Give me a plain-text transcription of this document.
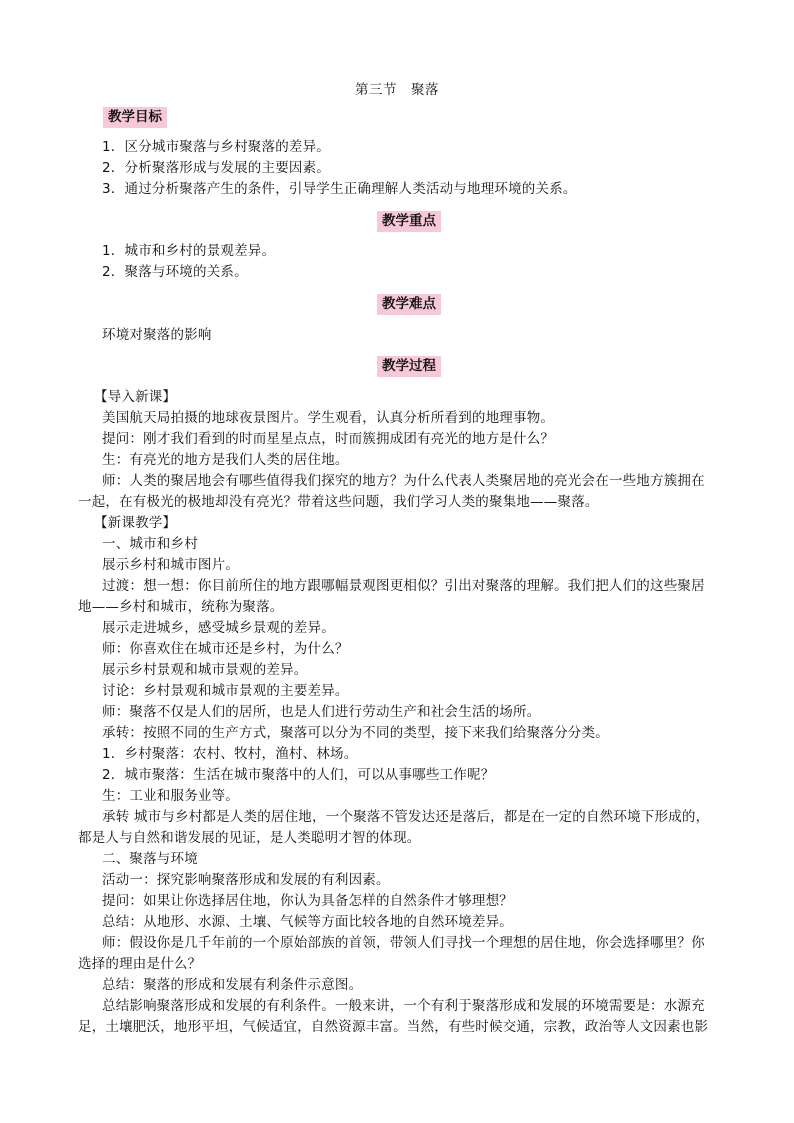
第三节　聚落
教学目标
1．区分城市聚落与乡村聚落的差异。
2．分析聚落形成与发展的主要因素。
3．通过分析聚落产生的条件，引导学生正确理解人类活动与地理环境的关系。
教学重点
1．城市和乡村的景观差异。
2．聚落与环境的关系。
教学难点
环境对聚落的影响
教学过程
【导入新课】
美国航天局拍摄的地球夜景图片。学生观看，认真分析所看到的地理事物。
提问：刚才我们看到的时而星星点点，时而簇拥成团有亮光的地方是什么？
生：有亮光的地方是我们人类的居住地。
师：人类的聚居地会有哪些值得我们探究的地方？为什么代表人类聚居地的亮光会在一些地方簇拥在
一起，在有极光的极地却没有亮光？带着这些问题，我们学习人类的聚集地——聚落。
【新课教学】
一、城市和乡村
展示乡村和城市图片。
过渡：想一想：你目前所住的地方跟哪幅景观图更相似？引出对聚落的理解。我们把人们的这些聚居
地——乡村和城市，统称为聚落。
展示走进城乡，感受城乡景观的差异。
师：你喜欢住在城市还是乡村，为什么？
展示乡村景观和城市景观的差异。
讨论：乡村景观和城市景观的主要差异。
师：聚落不仅是人们的居所，也是人们进行劳动生产和社会生活的场所。
承转：按照不同的生产方式，聚落可以分为不同的类型，接下来我们给聚落分分类。
1．乡村聚落：农村、牧村，渔村、林场。
2．城市聚落：生活在城市聚落中的人们，可以从事哪些工作呢？
生：工业和服务业等。
承转 城市与乡村都是人类的居住地，一个聚落不管发达还是落后，都是在一定的自然环境下形成的，
都是人与自然和谐发展的见证，是人类聪明才智的体现。
二、聚落与环境
活动一：探究影响聚落形成和发展的有利因素。
提问：如果让你选择居住地，你认为具备怎样的自然条件才够理想？
总结：从地形、水源、土壤、气候等方面比较各地的自然环境差异。
师：假设你是几千年前的一个原始部族的首领，带领人们寻找一个理想的居住地，你会选择哪里？你
选择的理由是什么？
总结：聚落的形成和发展有利条件示意图。
总结影响聚落形成和发展的有利条件。一般来讲，一个有利于聚落形成和发展的环境需要是：水源充
足，土壤肥沃，地形平坦，气候适宜，自然资源丰富。当然，有些时候交通，宗教，政治等人文因素也影
